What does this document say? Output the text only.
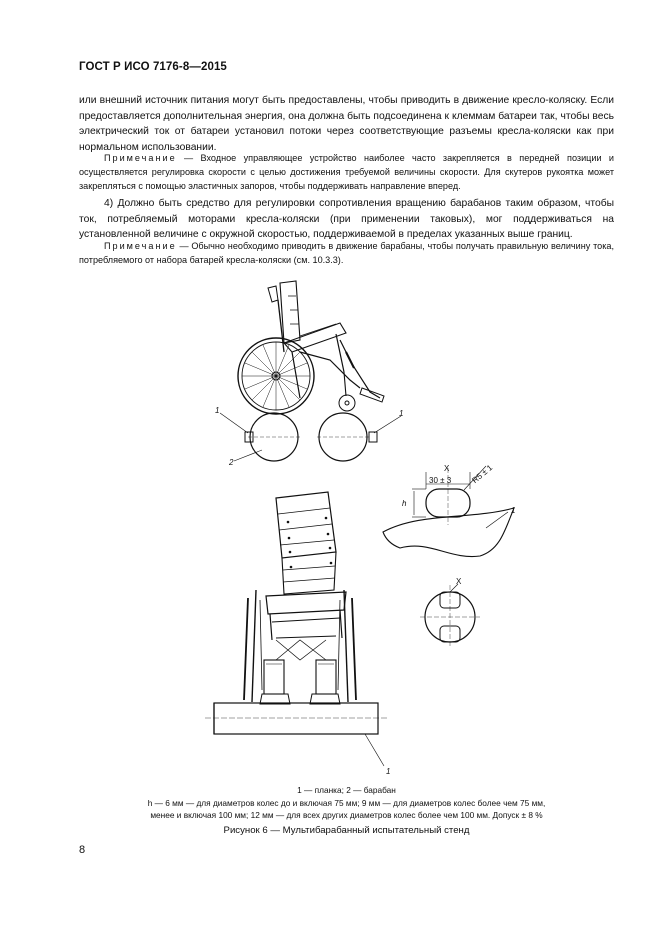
ГОСТ Р ИСО 7176-8—2015

или внешний источник питания могут быть предоставлены, чтобы приводить в движение кресло-коляску. Если предоставляется дополнительная энергия, она должна быть подсоединена к клеммам батареи так, чтобы весь электрический ток от батареи установил потоки через соответствующие разъемы кресла-коляски как при нормальном использовании.

Примечание — Входное управляющее устройство наиболее часто закрепляется в передней позиции и осуществляется регулировка скорости с целью достижения требуемой величины скорости. Для скутеров рукоятка может закрепляться с помощью эластичных запоров, чтобы поддерживать направление вперед.

4) Должно быть средство для регулировки сопротивления вращению барабанов таким образом, чтобы ток, потребляемый моторами кресла-коляски (при применении таковых), мог поддерживаться на установленной величине с окружной скоростью, поддерживаемой в пределах указанных выше границ.

Примечание — Обычно необходимо приводить в движение барабаны, чтобы получать правильную величину тока, потребляемого от набора батарей кресла-коляски (см. 10.3.3).

1	1
2
h
X
30 ± 3 R5 ± 1
1
X
1
1 — планка; 2 — барабан
h — 6 мм — для диаметров колес до и включая 75 мм; 9 мм — для диаметров колес более чем 75 мм,
менее и включая 100 мм; 12 мм — для всех других диаметров колес более чем 100 мм. Допуск ± 8 %
Рисунок 6 — Мультибарабанный испытательный стенд
8
